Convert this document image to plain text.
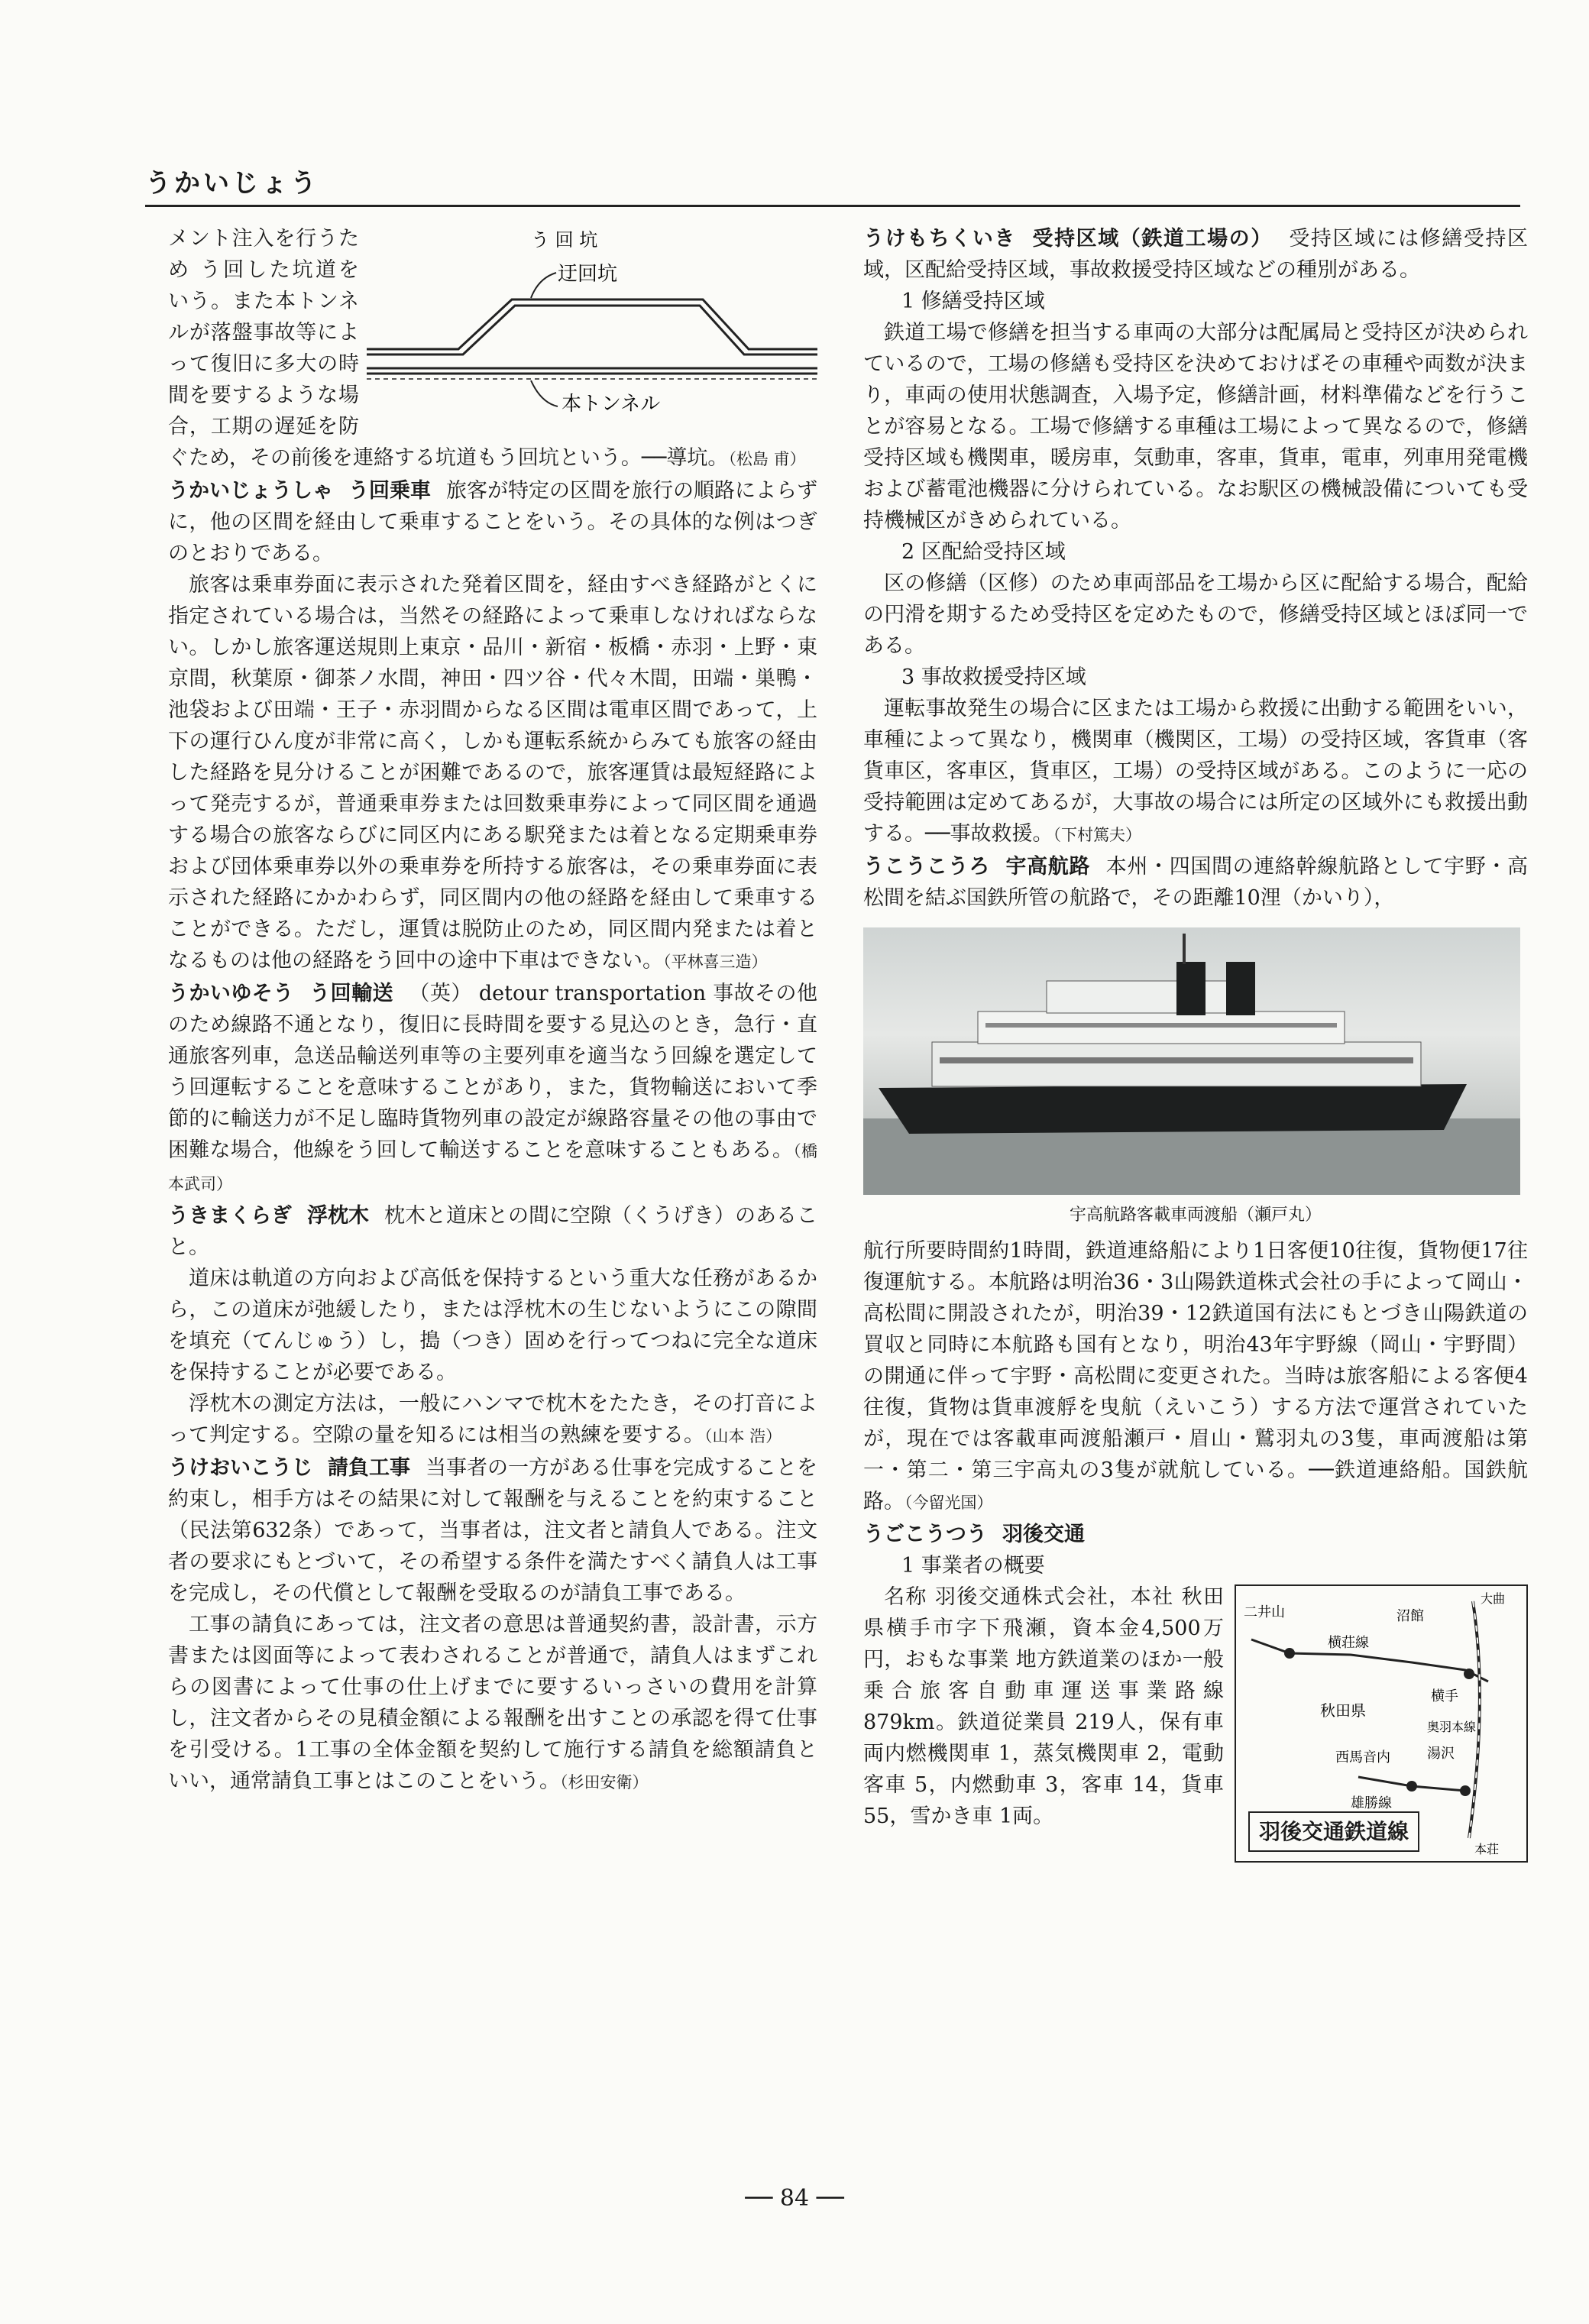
うかいじょう
う 回 坑
迂回坑
本トンネル

メント注入を行うため う回した坑道をいう。また本トンネルが落盤事故等によって復旧に多大の時間を要するような場合，工期の遅延を防ぐため，その前後を連絡する坑道もう回坑という。──導坑。（松島 甫）

うかいじょうしゃ う回乗車 旅客が特定の区間を旅行の順路によらずに，他の区間を経由して乗車することをいう。その具体的な例はつぎのとおりである。

旅客は乗車券面に表示された発着区間を，経由すべき経路がとくに指定されている場合は，当然その経路によって乗車しなければならない。しかし旅客運送規則上東京・品川・新宿・板橋・赤羽・上野・東京間，秋葉原・御茶ノ水間，神田・四ツ谷・代々木間，田端・巣鴨・池袋および田端・王子・赤羽間からなる区間は電車区間であって，上下の運行ひん度が非常に高く，しかも運転系統からみても旅客の経由した経路を見分けることが困難であるので，旅客運賃は最短経路によって発売するが，普通乗車券または回数乗車券によって同区間を通過する場合の旅客ならびに同区内にある駅発または着となる定期乗車券および団体乗車券以外の乗車券を所持する旅客は，その乗車券面に表示された経路にかかわらず，同区間内の他の経路を経由して乗車することができる。ただし，運賃は脱防止のため，同区間内発または着となるものは他の経路をう回中の途中下車はできない。（平林喜三造）

うかいゆそう う回輸送 （英） detour transportation 事故その他のため線路不通となり，復旧に長時間を要する見込のとき，急行・直通旅客列車，急送品輸送列車等の主要列車を適当なう回線を選定してう回運転することを意味することがあり，また，貨物輸送において季節的に輸送力が不足し臨時貨物列車の設定が線路容量その他の事由で困難な場合，他線をう回して輸送することを意味することもある。（橋本武司）

うきまくらぎ 浮枕木 枕木と道床との間に空隙（くうげき）のあること。

道床は軌道の方向および高低を保持するという重大な任務があるから，この道床が弛緩したり，または浮枕木の生じないようにこの隙間を填充（てんじゅう）し，搗（つき）固めを行ってつねに完全な道床を保持することが必要である。

浮枕木の測定方法は，一般にハンマで枕木をたたき，その打音によって判定する。空隙の量を知るには相当の熟練を要する。（山本 浩）

うけおいこうじ 請負工事 当事者の一方がある仕事を完成することを約束し，相手方はその結果に対して報酬を与えることを約束すること（民法第632条）であって，当事者は，注文者と請負人である。注文者の要求にもとづいて，その希望する条件を満たすべく請負人は工事を完成し，その代償として報酬を受取るのが請負工事である。

工事の請負にあっては，注文者の意思は普通契約書，設計書，示方書または図面等によって表わされることが普通で，請負人はまずこれらの図書によって仕事の仕上げまでに要するいっさいの費用を計算し，注文者からその見積金額による報酬を出すことの承認を得て仕事を引受ける。1工事の全体金額を契約して施行する請負を総額請負といい，通常請負工事とはこのことをいう。（杉田安衛）

うけもちくいき 受持区域（鉄道工場の） 受持区域には修繕受持区域，区配給受持区域，事故救援受持区域などの種別がある。

1 修繕受持区域

鉄道工場で修繕を担当する車両の大部分は配属局と受持区が決められているので，工場の修繕も受持区を決めておけばその車種や両数が決まり，車両の使用状態調査，入場予定，修繕計画，材料準備などを行うことが容易となる。工場で修繕する車種は工場によって異なるので，修繕受持区域も機関車，暖房車，気動車，客車，貨車，電車，列車用発電機および蓄電池機器に分けられている。なお駅区の機械設備についても受持機械区がきめられている。

2 区配給受持区域

区の修繕（区修）のため車両部品を工場から区に配給する場合，配給の円滑を期するため受持区を定めたもので，修繕受持区域とほぼ同一である。

3 事故救援受持区域

運転事故発生の場合に区または工場から救援に出動する範囲をいい，車種によって異なり，機関車（機関区，工場）の受持区域，客貨車（客貨車区，客車区，貨車区，工場）の受持区域がある。このように一応の受持範囲は定めてあるが，大事故の場合には所定の区域外にも救援出動する。──事故救援。（下村篤夫）

うこうこうろ 宇高航路 本州・四国間の連絡幹線航路として宇野・高松間を結ぶ国鉄所管の航路で，その距離10浬（かいり），

宇高航路客載車両渡船（瀬戸丸）

航行所要時間約1時間，鉄道連絡船により1日客便10往復，貨物便17往復運航する。本航路は明治36・3山陽鉄道株式会社の手によって岡山・高松間に開設されたが，明治39・12鉄道国有法にもとづき山陽鉄道の買収と同時に本航路も国有となり，明治43年宇野線（岡山・宇野間）の開通に伴って宇野・高松間に変更された。当時は旅客船による客便4往復，貨物は貨車渡艀を曳航（えいこう）する方法で運営されていたが，現在では客載車両渡船瀬戸・眉山・鷲羽丸の3隻，車両渡船は第一・第二・第三宇高丸の3隻が就航している。──鉄道連絡船。国鉄航路。（今留光国）

うごこうつう 羽後交通

1 事業者の概要

二井山
西馬音内
沼館
横手
湯沢
秋田県
雄勝線
横荘線
奥羽本線
大曲
本荘
羽後交通鉄道線

名称 羽後交通株式会社，本社 秋田県横手市字下飛瀬，資本金4,500万円，おもな事業 地方鉄道業のほか一般乗合旅客自動車運送事業路線 879km。鉄道従業員 219人，保有車両内燃機関車 1，蒸気機関車 2，電動客車 5，内燃動車 3，客車 14，貨車 55，雪かき車 1両。

── 84 ──
